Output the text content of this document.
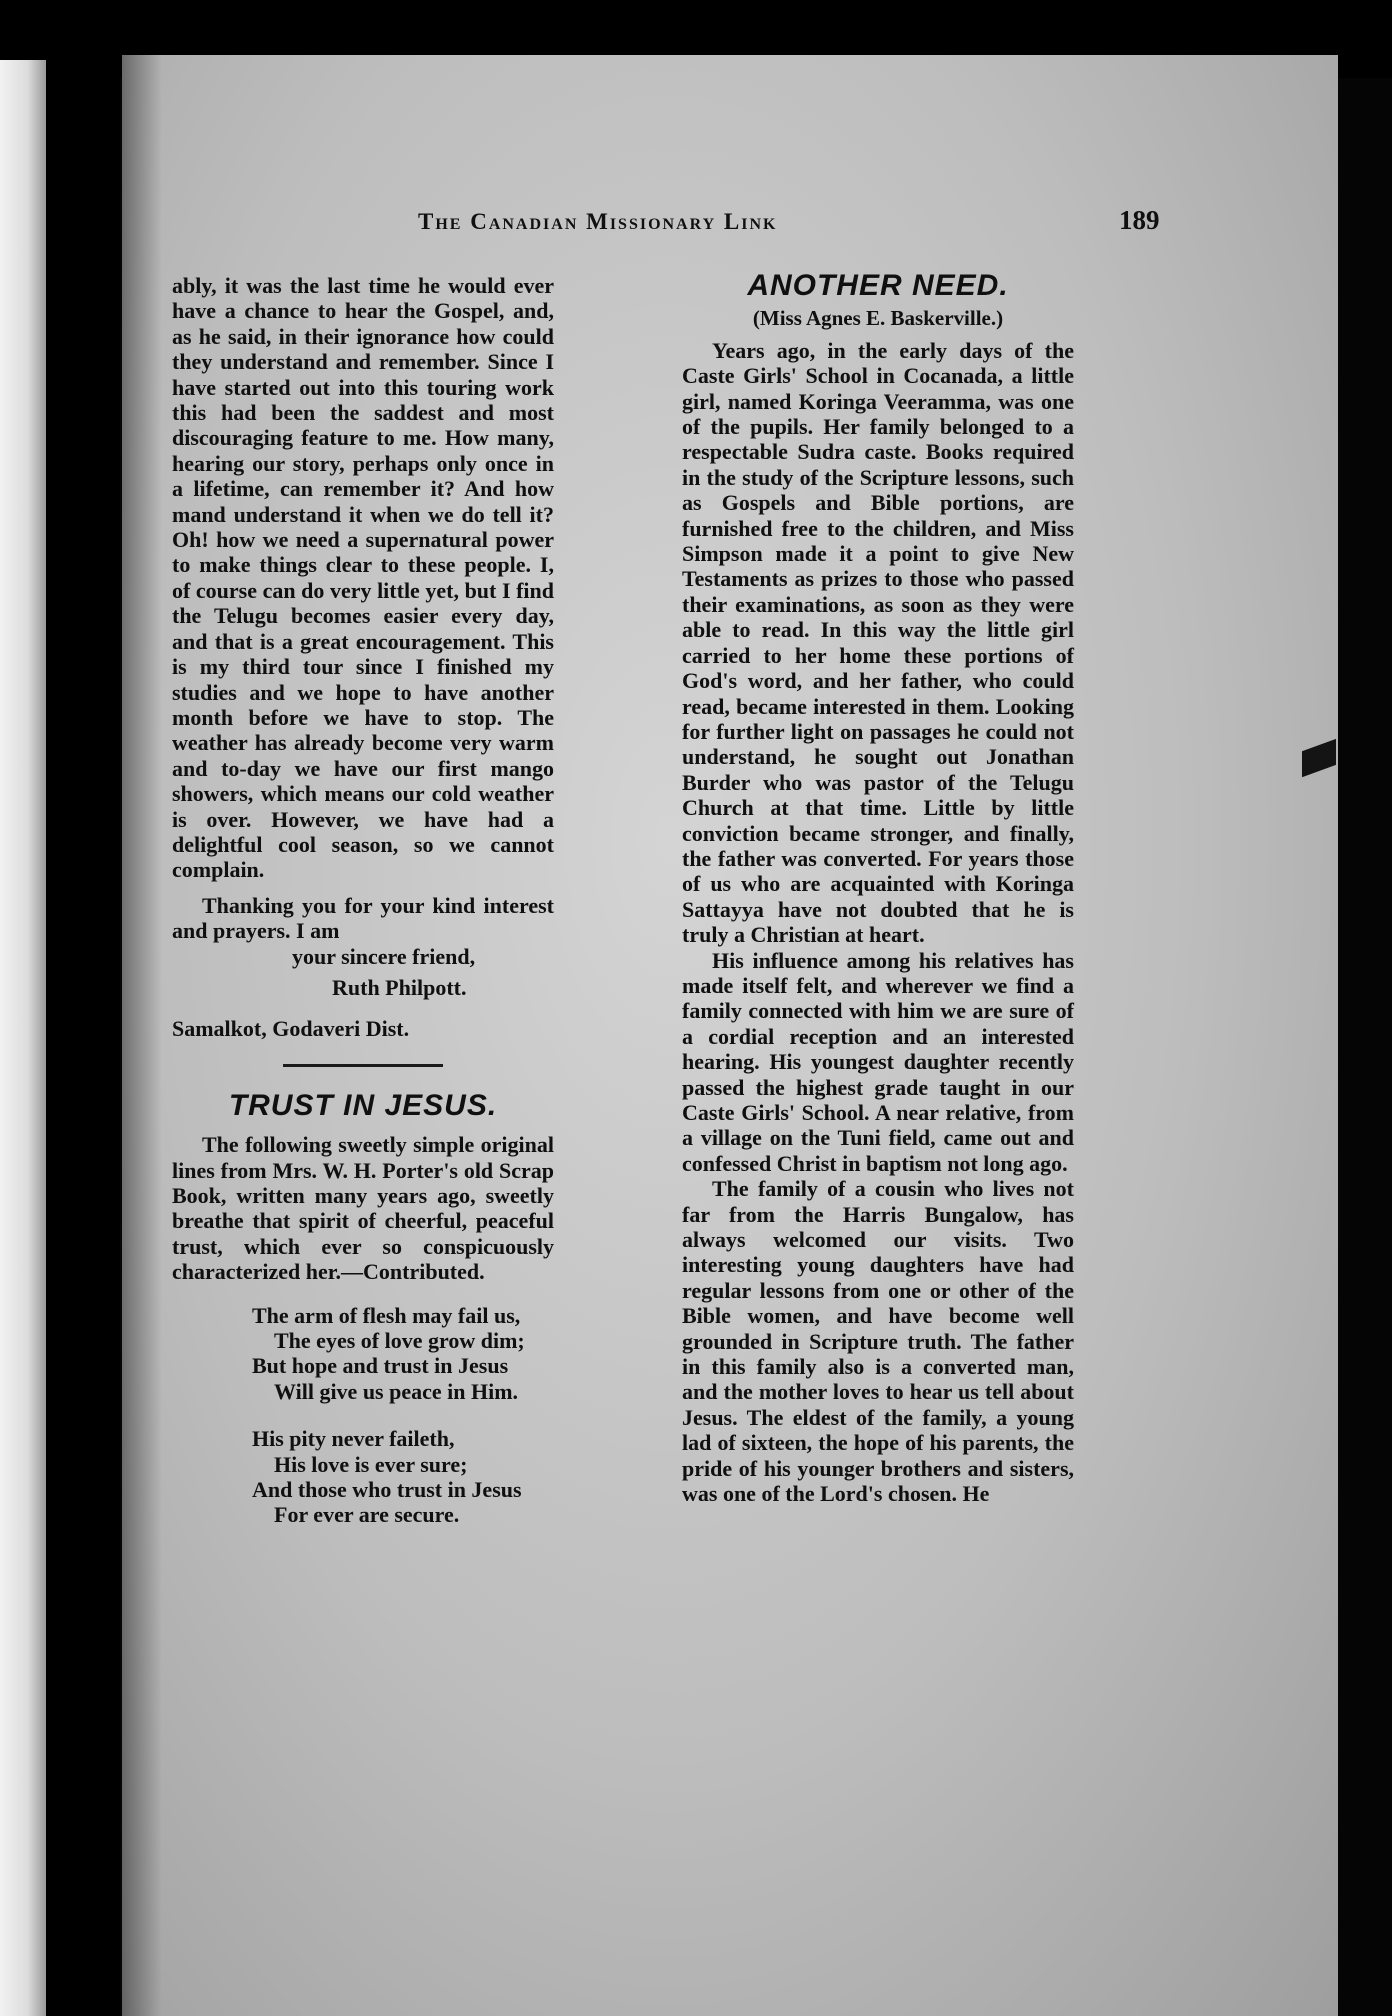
The Canadian Missionary Link	189

ably, it was the last time he would ever have a chance to hear the Gospel, and, as he said, in their ignorance how could they understand and remember. Since I have started out into this touring work this had been the saddest and most discouraging feature to me. How many, hearing our story, perhaps only once in a lifetime, can remember it? And how mand understand it when we do tell it? Oh! how we need a supernatural power to make things clear to these people. I, of course can do very little yet, but I find the Telugu becomes easier every day, and that is a great encouragement. This is my third tour since I finished my studies and we hope to have another month before we have to stop. The weather has already become very warm and to-day we have our first mango showers, which means our cold weather is over. However, we have had a delightful cool season, so we cannot complain.

Thanking you for your kind interest and prayers. I am

your sincere friend,
Ruth Philpott.
Samalkot, Godaveri Dist.
TRUST IN JESUS.

The following sweetly simple original lines from Mrs. W. H. Porter's old Scrap Book, written many years ago, sweetly breathe that spirit of cheerful, peaceful trust, which ever so conspicuously characterized her.—Contributed.

The arm of flesh may fail us,
The eyes of love grow dim;
But hope and trust in Jesus
Will give us peace in Him.
His pity never faileth,
His love is ever sure;
And those who trust in Jesus
For ever are secure.
ANOTHER NEED.
(Miss Agnes E. Baskerville.)

Years ago, in the early days of the Caste Girls' School in Cocanada, a little girl, named Koringa Veeramma, was one of the pupils. Her family belonged to a respectable Sudra caste. Books required in the study of the Scripture lessons, such as Gospels and Bible portions, are furnished free to the children, and Miss Simpson made it a point to give New Testaments as prizes to those who passed their examinations, as soon as they were able to read. In this way the little girl carried to her home these portions of God's word, and her father, who could read, became interested in them. Looking for further light on passages he could not understand, he sought out Jonathan Burder who was pastor of the Telugu Church at that time. Little by little conviction became stronger, and finally, the father was converted. For years those of us who are acquainted with Koringa Sattayya have not doubted that he is truly a Christian at heart.

His influence among his relatives has made itself felt, and wherever we find a family connected with him we are sure of a cordial reception and an interested hearing. His youngest daughter recently passed the highest grade taught in our Caste Girls' School. A near relative, from a village on the Tuni field, came out and confessed Christ in baptism not long ago.

The family of a cousin who lives not far from the Harris Bungalow, has always welcomed our visits. Two interesting young daughters have had regular lessons from one or other of the Bible women, and have become well grounded in Scripture truth. The father in this family also is a converted man, and the mother loves to hear us tell about Jesus. The eldest of the family, a young lad of sixteen, the hope of his parents, the pride of his younger brothers and sisters, was one of the Lord's chosen. He
